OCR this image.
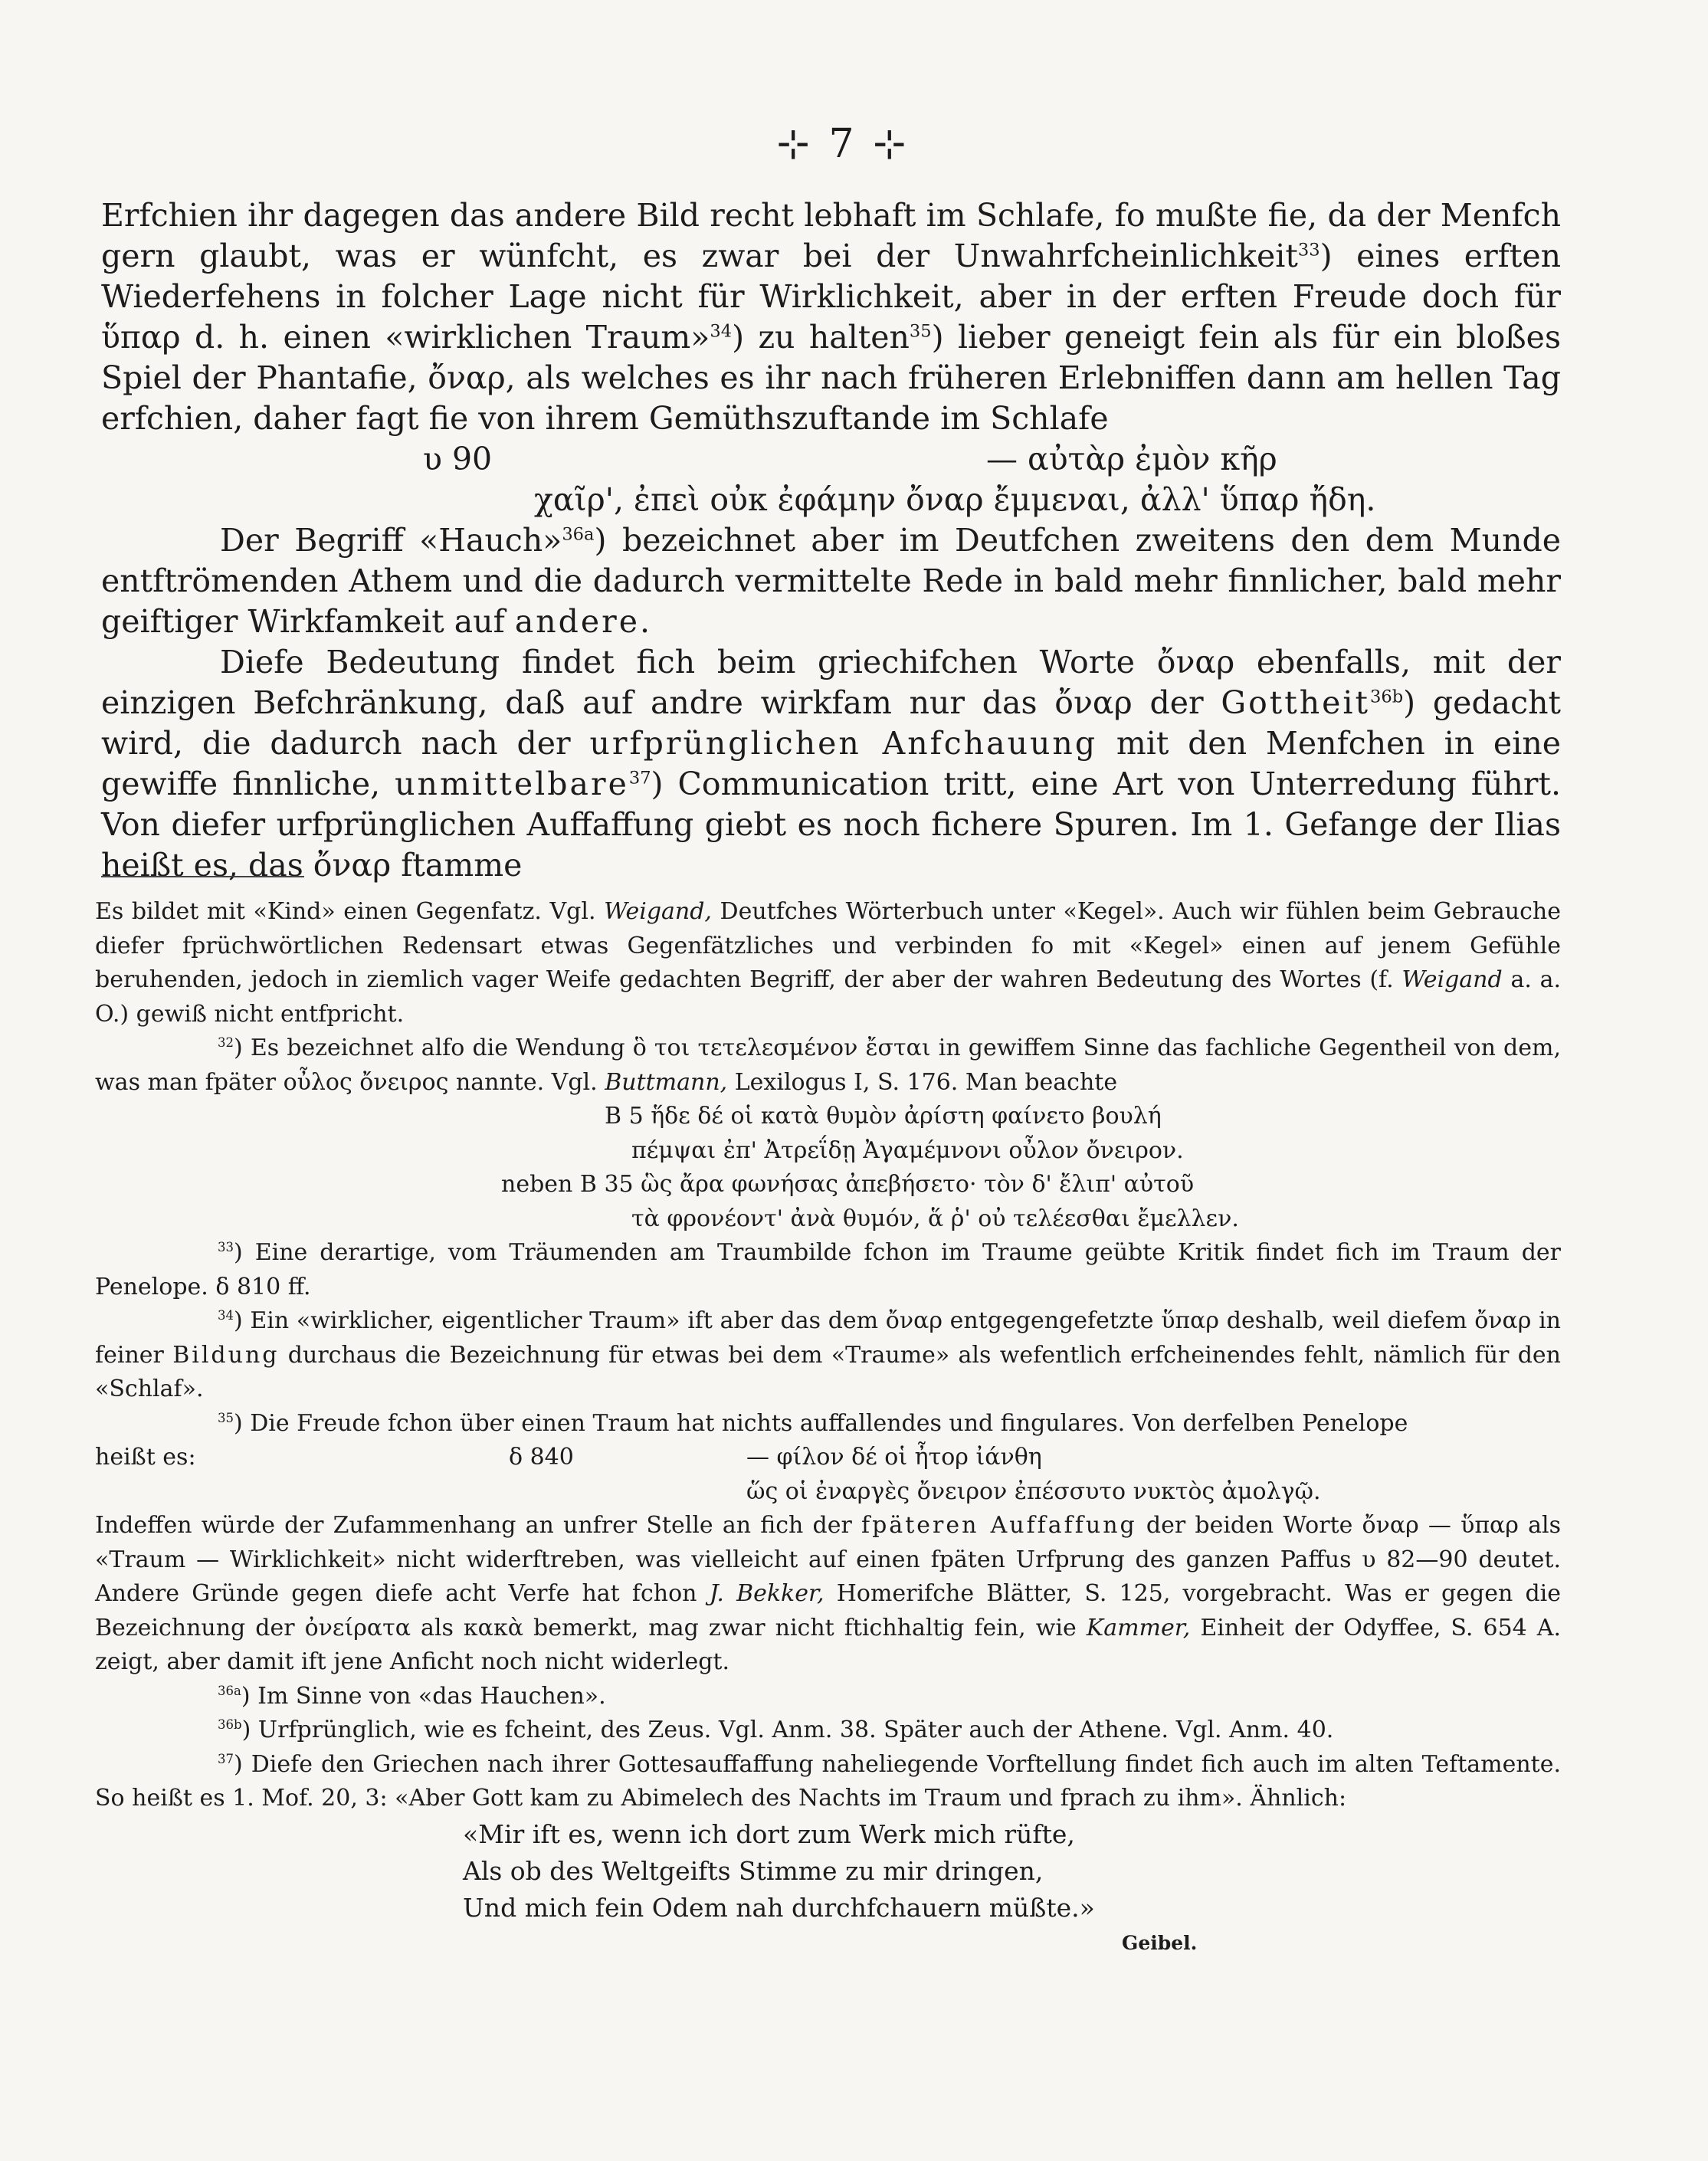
⊹ 7 ⊹

Erfchien ihr dagegen das andere Bild recht lebhaft im Schlafe, fo mußte fie, da der Menfch gern glaubt, was er wünfcht, es zwar bei der Unwahrfcheinlichkeit$^{33}$) eines erften Wiederfehens in folcher Lage nicht für Wirklichkeit, aber in der erften Freude doch für ὕπαρ d. h. einen «wirklichen Traum»$^{34}$) zu halten$^{35}$) lieber geneigt fein als für ein bloßes Spiel der Phantafie, ὄναρ, als welches es ihr nach früheren Erlebniffen dann am hellen Tag erfchien, daher fagt fie von ihrem Gemüthszuftande im Schlafe

υ 90	— αὐτὰρ ἐμὸν κῆρ
χαῖρ', ἐπεὶ οὐκ ἐφάμην ὄναρ ἔμμεναι, ἀλλ' ὕπαρ ἤδη.

Der Begriff «Hauch»$^{36a}$) bezeichnet aber im Deutfchen zweitens den dem Munde entftrömenden Athem und die dadurch vermittelte Rede in bald mehr finnlicher, bald mehr geiftiger Wirkfamkeit auf andere.

Diefe Bedeutung findet fich beim griechifchen Worte ὄναρ ebenfalls, mit der einzigen Befchränkung, daß auf andre wirkfam nur das ὄναρ der Gottheit$^{36b}$) gedacht wird, die dadurch nach der urfprünglichen Anfchauung mit den Menfchen in eine gewiffe finnliche, unmittelbare$^{37}$) Communication tritt, eine Art von Unterredung führt. Von diefer urfprünglichen Auffaffung giebt es noch fichere Spuren. Im 1. Gefange der Ilias heißt es, das ὄναρ ftamme

Es bildet mit «Kind» einen Gegenfatz. Vgl. Weigand, Deutfches Wörterbuch unter «Kegel». Auch wir fühlen beim Gebrauche diefer fprüchwörtlichen Redensart etwas Gegenfätzliches und verbinden fo mit «Kegel» einen auf jenem Gefühle beruhenden, jedoch in ziemlich vager Weife gedachten Begriff, der aber der wahren Bedeutung des Wortes (f. Weigand a. a. O.) gewiß nicht entfpricht.

$^{32}$) Es bezeichnet alfo die Wendung ὃ τοι τετελεσμένον ἔσται in gewiffem Sinne das fachliche Gegentheil von dem, was man fpäter οὖλος ὄνειρος nannte. Vgl. Buttmann, Lexilogus I, S. 176. Man beachte

B 5 ἥδε δέ οἱ κατὰ θυμὸν ἀρίστη φαίνετο βουλή
πέμψαι ἐπ' Ἀτρεΐδῃ Ἀγαμέμνονι οὖλον ὄνειρον.
neben B 35 ὣς ἄρα φωνήσας ἀπεβήσετο· τὸν δ' ἔλιπ' αὐτοῦ
τὰ φρονέοντ' ἀνὰ θυμόν, ἅ ῥ' οὐ τελέεσθαι ἔμελλεν.

$^{33}$) Eine derartige, vom Träumenden am Traumbilde fchon im Traume geübte Kritik findet fich im Traum der Penelope. δ 810 ff.

$^{34}$) Ein «wirklicher, eigentlicher Traum» ift aber das dem ὄναρ entgegengefetzte ὕπαρ deshalb, weil diefem ὄναρ in feiner Bildung durchaus die Bezeichnung für etwas bei dem «Traume» als wefentlich erfcheinendes fehlt, nämlich für den «Schlaf».

$^{35}$) Die Freude fchon über einen Traum hat nichts auffallendes und fingulares. Von derfelben Penelope

heißt es:	δ 840	— φίλον δέ οἱ ἦτορ ἰάνθη
ὥς οἱ ἐναργὲς ὄνειρον ἐπέσσυτο νυκτὸς ἀμολγῷ.

Indeffen würde der Zufammenhang an unfrer Stelle an fich der fpäteren Auffaffung der beiden Worte ὄναρ — ὕπαρ als «Traum — Wirklichkeit» nicht widerftreben, was vielleicht auf einen fpäten Urfprung des ganzen Paffus υ 82—90 deutet. Andere Gründe gegen diefe acht Verfe hat fchon J. Bekker, Homerifche Blätter, S. 125, vorgebracht. Was er gegen die Bezeichnung der ὀνείρατα als κακὰ bemerkt, mag zwar nicht ftichhaltig fein, wie Kammer, Einheit der Odyffee, S. 654 A. zeigt, aber damit ift jene Anficht noch nicht widerlegt.

$^{36a}$) Im Sinne von «das Hauchen».

$^{36b}$) Urfprünglich, wie es fcheint, des Zeus. Vgl. Anm. 38. Später auch der Athene. Vgl. Anm. 40.

$^{37}$) Diefe den Griechen nach ihrer Gottesauffaffung naheliegende Vorftellung findet fich auch im alten Teftamente. So heißt es 1. Mof. 20, 3: «Aber Gott kam zu Abimelech des Nachts im Traum und fprach zu ihm». Ähnlich:

«Mir ift es, wenn ich dort zum Werk mich rüfte,
Als ob des Weltgeifts Stimme zu mir dringen,
Und mich fein Odem nah durchfchauern müßte.»
Geibel.
